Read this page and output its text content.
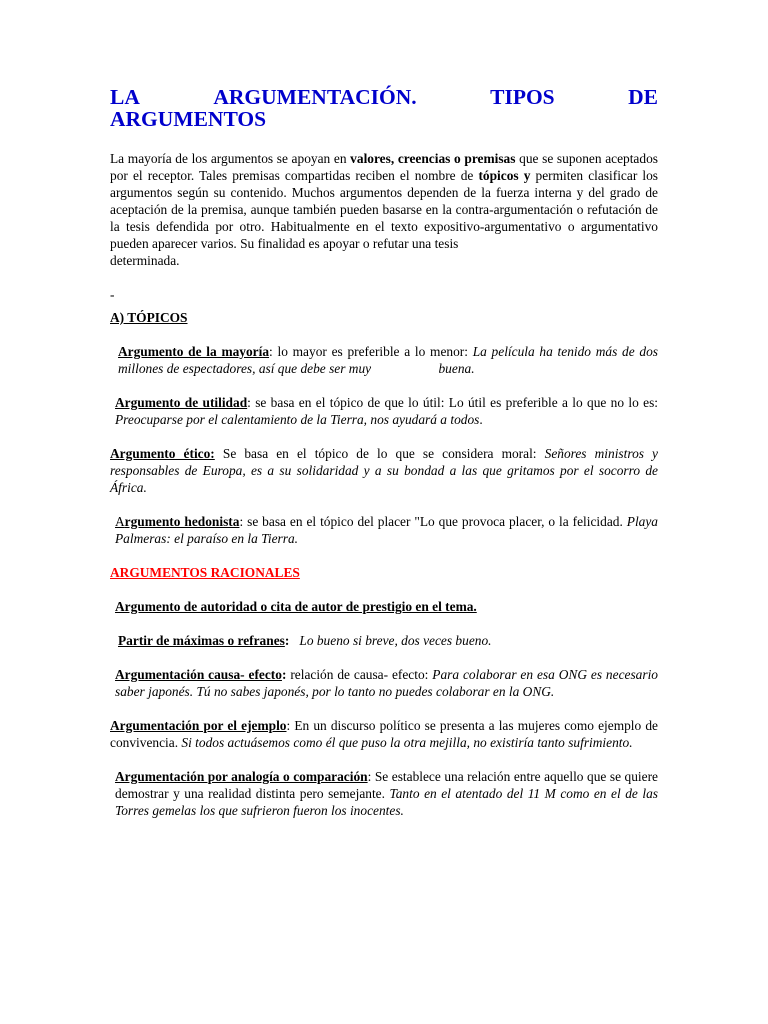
LA	ARGUMENTACIÓN.	TIPOS	DE
ARGUMENTOS

La mayoría de los argumentos se apoyan en valores, creencias o premisas que se suponen aceptados por el receptor. Tales premisas compartidas reciben el nombre de tópicos y permiten clasificar los argumentos según su contenido. Muchos argumentos dependen de la fuerza interna y del grado de aceptación de la premisa, aunque también pueden basarse en la contra-argumentación o refutación de la tesis defendida por otro. Habitualmente en el texto expositivo-argumentativo o argumentativo pueden aparecer varios. Su finalidad es apoyar o refutar una tesis

determinada.

-

A) TÓPICOS

Argumento de la mayoría: lo mayor es preferible a lo menor: La película ha tenido más de dos millones de espectadores, así que debe ser muy	buena.

Argumento de utilidad: se basa en el tópico de que lo útil: Lo útil es preferible a lo que no lo es: Preocuparse por el calentamiento de la Tierra, nos ayudará a todos.

Argumento ético: Se basa en el tópico de lo que se considera moral: Señores ministros y responsables de Europa, es a su solidaridad y a su bondad a las que gritamos por el socorro de África.

Argumento hedonista: se basa en el tópico del placer "Lo que provoca placer, o la felicidad. Playa Palmeras: el paraíso en la Tierra.

ARGUMENTOS RACIONALES

Argumento de autoridad o cita de autor de prestigio en el tema.

Partir de máximas o refranes: Lo bueno si breve, dos veces bueno.

Argumentación causa- efecto: relación de causa- efecto: Para colaborar en esa ONG es necesario saber japonés. Tú no sabes japonés, por lo tanto no puedes colaborar en la ONG.

Argumentación por el ejemplo: En un discurso político se presenta a las mujeres como ejemplo de convivencia. Si todos actuásemos como él que puso la otra mejilla, no existiría tanto sufrimiento.

Argumentación por analogía o comparación: Se establece una relación entre aquello que se quiere demostrar y una realidad distinta pero semejante. Tanto en el atentado del 11 M como en el de las Torres gemelas los que sufrieron fueron los inocentes.
